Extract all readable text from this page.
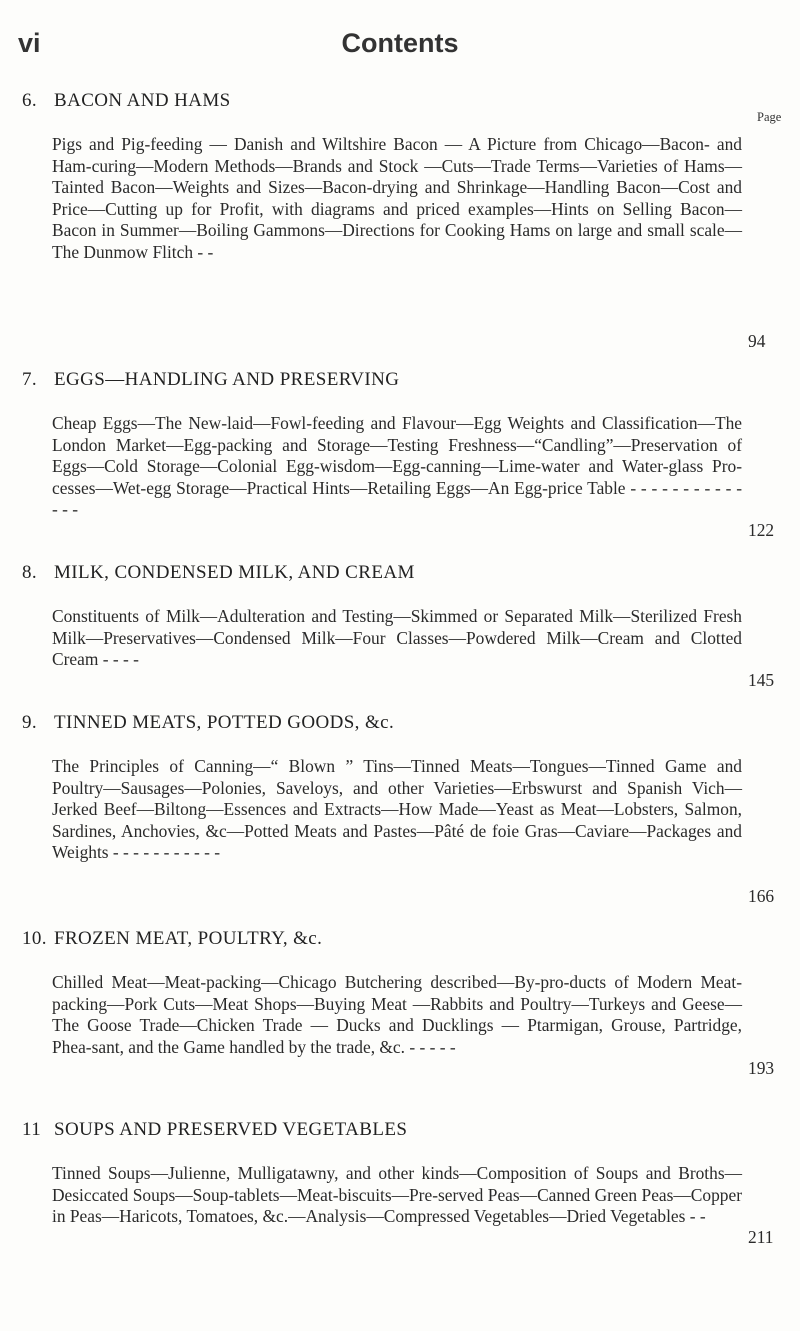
vi	Contents
Page
6. BACON AND HAMS
Pigs and Pig-feeding — Danish and Wiltshire Bacon — A Picture from Chicago—Bacon- and Ham-curing—Modern Methods—Brands and Stock —Cuts—Trade Terms—Varieties of Hams—Tainted Bacon—Weights and Sizes—Bacon-drying and Shrinkage—Handling Bacon—Cost and Price—Cutting up for Profit, with diagrams and priced examples—Hints on Selling Bacon—Bacon in Summer—Boiling Gammons—Directions for Cooking Hams on large and small scale—The Dunmow Flitch - -
94
7. EGGS—HANDLING AND PRESERVING
Cheap Eggs—The New-laid—Fowl-feeding and Flavour—Egg Weights and Classification—The London Market—Egg-packing and Storage—Testing Freshness—“Candling”—Preservation of Eggs—Cold Storage—Colonial Egg-wisdom—Egg-canning—Lime-water and Water-glass Pro-cesses—Wet-egg Storage—Practical Hints—Retailing Eggs—An Egg-price Table - - - - - - - - - - - - - -
122
8. MILK, CONDENSED MILK, AND CREAM
Constituents of Milk—Adulteration and Testing—Skimmed or Separated Milk—Sterilized Fresh Milk—Preservatives—Condensed Milk—Four Classes—Powdered Milk—Cream and Clotted Cream - - - -
145
9. TINNED MEATS, POTTED GOODS, &c.
The Principles of Canning—“ Blown ” Tins—Tinned Meats—Tongues—Tinned Game and Poultry—Sausages—Polonies, Saveloys, and other Varieties—Erbswurst and Spanish Vich—Jerked Beef—Biltong—Essences and Extracts—How Made—Yeast as Meat—Lobsters, Salmon, Sardines, Anchovies, &c—Potted Meats and Pastes—Pâté de foie Gras—Caviare—Packages and Weights - - - - - - - - - - -
166
10. FROZEN MEAT, POULTRY, &c.
Chilled Meat—Meat-packing—Chicago Butchering described—By-pro-ducts of Modern Meat-packing—Pork Cuts—Meat Shops—Buying Meat —Rabbits and Poultry—Turkeys and Geese—The Goose Trade—Chicken Trade — Ducks and Ducklings — Ptarmigan, Grouse, Partridge, Phea-sant, and the Game handled by the trade, &c. - - - - -
193
11 SOUPS AND PRESERVED VEGETABLES
Tinned Soups—Julienne, Mulligatawny, and other kinds—Composition of Soups and Broths—Desiccated Soups—Soup-tablets—Meat-biscuits—Pre-served Peas—Canned Green Peas—Copper in Peas—Haricots, Tomatoes, &c.—Analysis—Compressed Vegetables—Dried Vegetables - -
211
